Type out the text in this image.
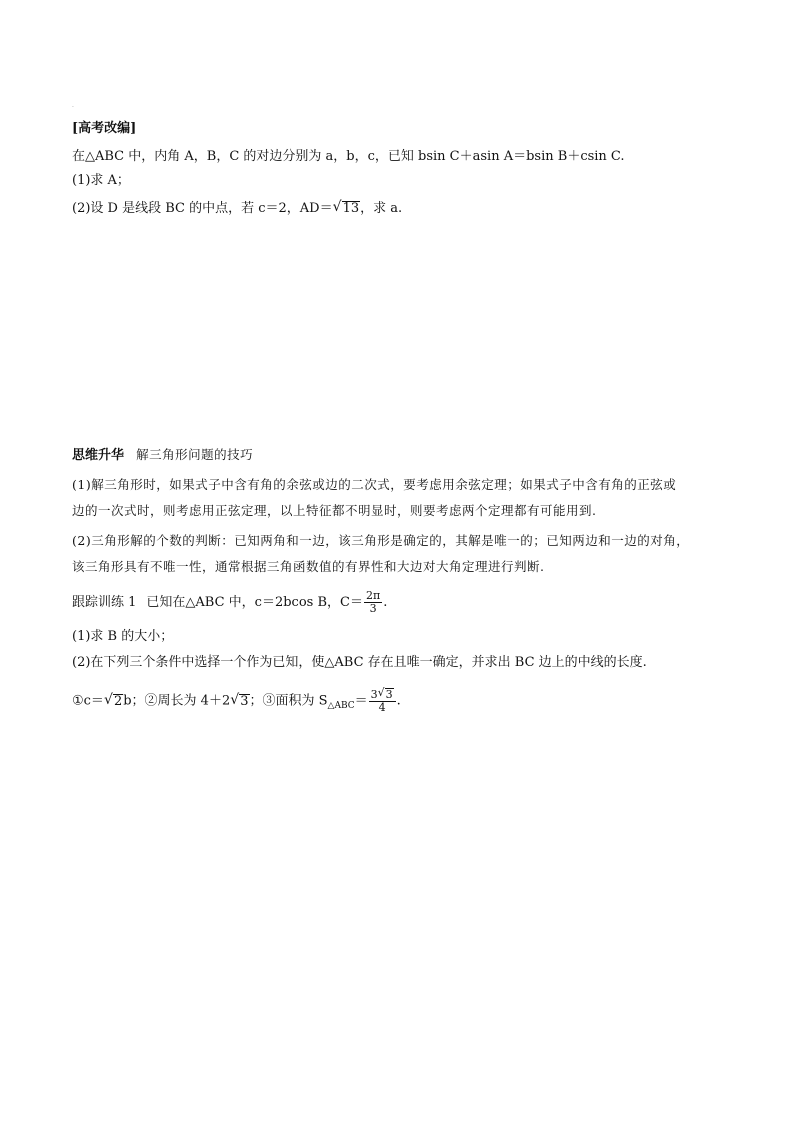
·
[高考改编]
在△ABC 中，内角 A，B，C 的对边分别为 a，b，c，已知 bsin C＋asin A＝bsin B＋csin C.
(1)求 A；
(2)设 D 是线段 BC 的中点，若 c＝2，AD＝ √ 13，求 a.
思维升华 解三角形问题的技巧
(1)解三角形时，如果式子中含有角的余弦或边的二次式，要考虑用余弦定理；如果式子中含有角的正弦或
边的一次式时，则考虑用正弦定理，以上特征都不明显时，则要考虑两个定理都有可能用到.
(2)三角形解的个数的判断：已知两角和一边，该三角形是确定的，其解是唯一的；已知两边和一边的对角，
该三角形具有不唯一性，通常根据三角函数值的有界性和大边对大角定理进行判断.
跟踪训练 1 已知在△ABC 中，c＝2bcos B，$C= \frac{2\pi}{3}$ .
(1)求 B 的大小；
(2)在下列三个条件中选择一个作为已知，使△ABC 存在且唯一确定，并求出 BC 边上的中线的长度.
①c＝ √ 2b；②周长为 4＋2 √ 3；③面积为 $S_{\triangle ABC}= \frac{3 √ 3}{4}$ .
